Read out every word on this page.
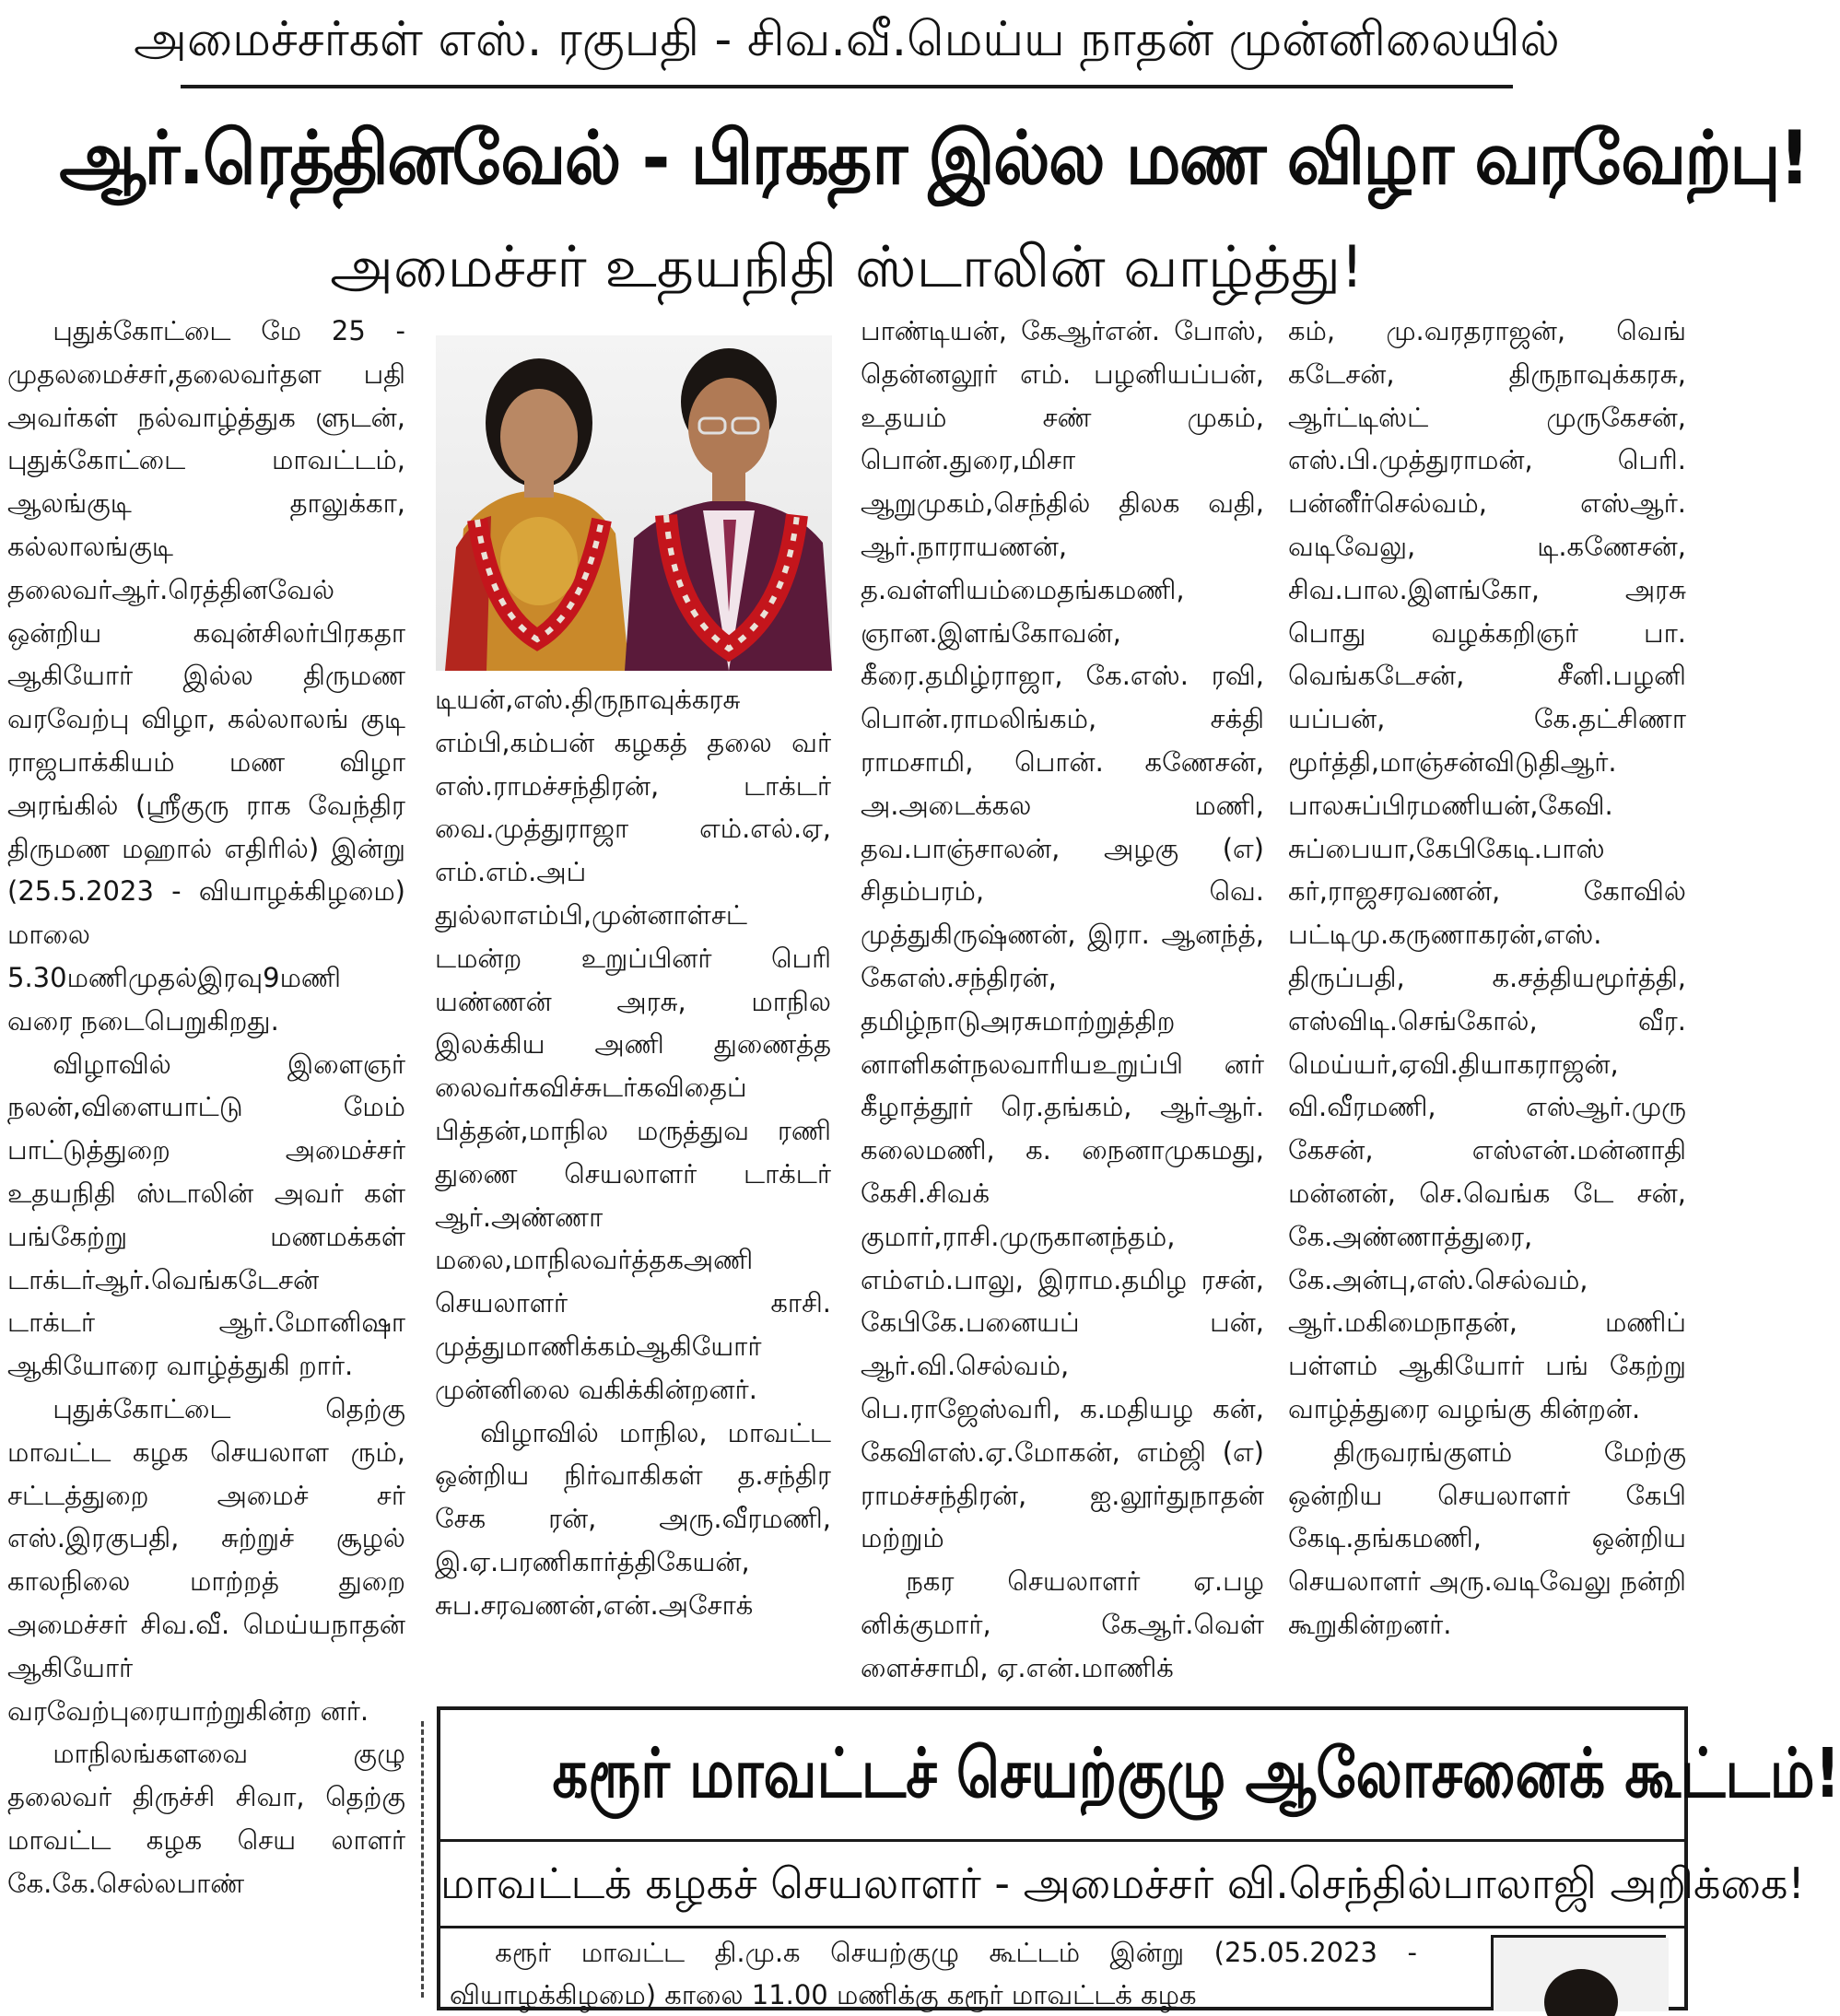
அமைச்சர்கள் எஸ். ரகுபதி - சிவ.வீ.மெய்ய நாதன் முன்னிலையில்
ஆர்.ரெத்தினவேல் - பிரகதா இல்ல மண விழா வரவேற்பு!
அமைச்சர் உதயநிதி ஸ்டாலின் வாழ்த்து!

புதுக்கோட்டை மே 25 - முதலமைச்சர்,தலைவர்தள பதி அவர்கள் நல்வாழ்த்துக ளுடன், புதுக்கோட்டை மாவட்டம், ஆலங்குடி தாலுக்கா, கல்லாலங்குடி தலைவர்ஆர்.ரெத்தினவேல் ஒன்றிய கவுன்சிலர்பிரகதா ஆகியோர் இல்ல திருமண வரவேற்பு விழா, கல்லாலங் குடி ராஜபாக்கியம் மண விழா அரங்கில் (ஸ்ரீகுரு ராக வேந்திர திருமண மஹால் எதிரில்) இன்று (25.5.2023 - வியாழக்கிழமை) மாலை 5.30மணிமுதல்இரவு9மணி வரை நடைபெறுகிறது.

விழாவில் இளைஞர் நலன்,விளையாட்டு மேம் பாட்டுத்துறை அமைச்சர் உதயநிதி ஸ்டாலின் அவர் கள் பங்கேற்று மணமக்கள் டாக்டர்ஆர்.வெங்கடேசன் டாக்டர் ஆர்.மோனிஷா ஆகியோரை வாழ்த்துகி றார்.

புதுக்கோட்டை தெற்கு மாவட்ட கழக செயலாள ரும், சட்டத்துறை அமைச் சர் எஸ்.இரகுபதி, சுற்றுச் சூழல் காலநிலை மாற்றத் துறை அமைச்சர் சிவ.வீ. மெய்யநாதன் ஆகியோர் வரவேற்புரையாற்றுகின்ற னர்.

மாநிலங்களவை குழு தலைவர் திருச்சி சிவா, தெற்கு மாவட்ட கழக செய லாளர் கே.கே.செல்லபாண்

டியன்,எஸ்.திருநாவுக்கரசு எம்பி,கம்பன் கழகத் தலை வர் எஸ்.ராமச்சந்திரன், டாக்டர் வை.முத்துராஜா எம்.எல்.ஏ, எம்.எம்.அப் துல்லாஎம்பி,முன்னாள்சட் டமன்ற உறுப்பினர் பெரி யண்ணன் அரசு, மாநில இலக்கிய அணி துணைத்த லைவர்கவிச்சுடர்கவிதைப் பித்தன்,மாநில மருத்துவ ரணி துணை செயலாளர் டாக்டர் ஆர்.அண்ணா மலை,மாநிலவர்த்தகஅணி செயலாளர் காசி. முத்துமாணிக்கம்ஆகியோர் முன்னிலை வகிக்கின்றனர்.

விழாவில் மாநில, மாவட்ட ஒன்றிய நிர்வாகிகள் த.சந்திர சேக ரன், அரு.வீரமணி, இ.ஏ.பரணிகார்த்திகேயன், சுப.சரவணன்,என்.அசோக்

பாண்டியன், கேஆர்என். போஸ், தென்னலூர் எம். பழனியப்பன், உதயம் சண் முகம், பொன்.துரை,மிசா ஆறுமுகம்,செந்தில் திலக வதி, ஆர்.நாராயணன், த.வள்ளியம்மைதங்கமணி, ஞான.இளங்கோவன், கீரை.தமிழ்ராஜா, கே.எஸ். ரவி, பொன்.ராமலிங்கம், சக்தி ராமசாமி, பொன். கணேசன், அ.அடைக்கல மணி, தவ.பாஞ்சாலன், அழகு (எ) சிதம்பரம், வெ. முத்துகிருஷ்ணன், இரா. ஆனந்த், கேஎஸ்.சந்திரன், தமிழ்நாடுஅரசுமாற்றுத்திற னாளிகள்நலவாரியஉறுப்பி னர் கீழாத்தூர் ரெ.தங்கம், ஆர்ஆர். கலைமணி, க. நைனாமுகமது, கேசி.சிவக் குமார்,ராசி.முருகானந்தம், எம்எம்.பாலு, இராம.தமிழ ரசன், கேபிகே.பனையப் பன், ஆர்.வி.செல்வம், பெ.ராஜேஸ்வரி, க.மதியழ கன், கேவிஎஸ்.ஏ.மோகன், எம்ஜி (எ) ராமச்சந்திரன், ஐ.லூர்துநாதன் மற்றும்

நகர செயலாளர் ஏ.பழ னிக்குமார், கேஆர்.வெள் ளைச்சாமி, ஏ.என்.மாணிக்

கம், மு.வரதராஜன், வெங் கடேசன், திருநாவுக்கரசு, ஆர்ட்டிஸ்ட் முருகேசன், எஸ்.பி.முத்துராமன், பெரி. பன்னீர்செல்வம், எஸ்ஆர். வடிவேலு, டி.கணேசன், சிவ.பால.இளங்கோ, அரசு பொது வழக்கறிஞர் பா. வெங்கடேசன், சீனி.பழனி யப்பன், கே.தட்சிணா மூர்த்தி,மாஞ்சன்விடுதிஆர். பாலசுப்பிரமணியன்,கேவி. சுப்பையா,கேபிகேடி.பாஸ் கர்,ராஜசரவணன், கோவில் பட்டிமு.கருணாகரன்,எஸ். திருப்பதி, க.சத்தியமூர்த்தி, எஸ்விடி.செங்கோல், வீர. மெய்யர்,ஏவி.தியாகராஜன், வி.வீரமணி, எஸ்ஆர்.முரு கேசன், எஸ்என்.மன்னாதி மன்னன், செ.வெங்க டே சன், கே.அண்ணாத்துரை, கே.அன்பு,எஸ்.செல்வம், ஆர்.மகிமைநாதன், மணிப் பள்ளம் ஆகியோர் பங் கேற்று வாழ்த்துரை வழங்கு கின்றன்.

திருவரங்குளம் மேற்கு ஒன்றிய செயலாளர் கேபி கேடி.தங்கமணி, ஒன்றிய செயலாளர் அரு.வடிவேலு நன்றி கூறுகின்றனர்.

கரூர் மாவட்டச் செயற்குழு ஆலோசனைக் கூட்டம்!
மாவட்டக் கழகச் செயலாளர் - அமைச்சர் வி.செந்தில்பாலாஜி அறிக்கை!

கரூர் மாவட்ட தி.மு.க செயற்குழு கூட்டம் இன்று (25.05.2023 - வியாழக்கிழமை) காலை 11.00 மணிக்கு கரூர் மாவட்டக் கழக
